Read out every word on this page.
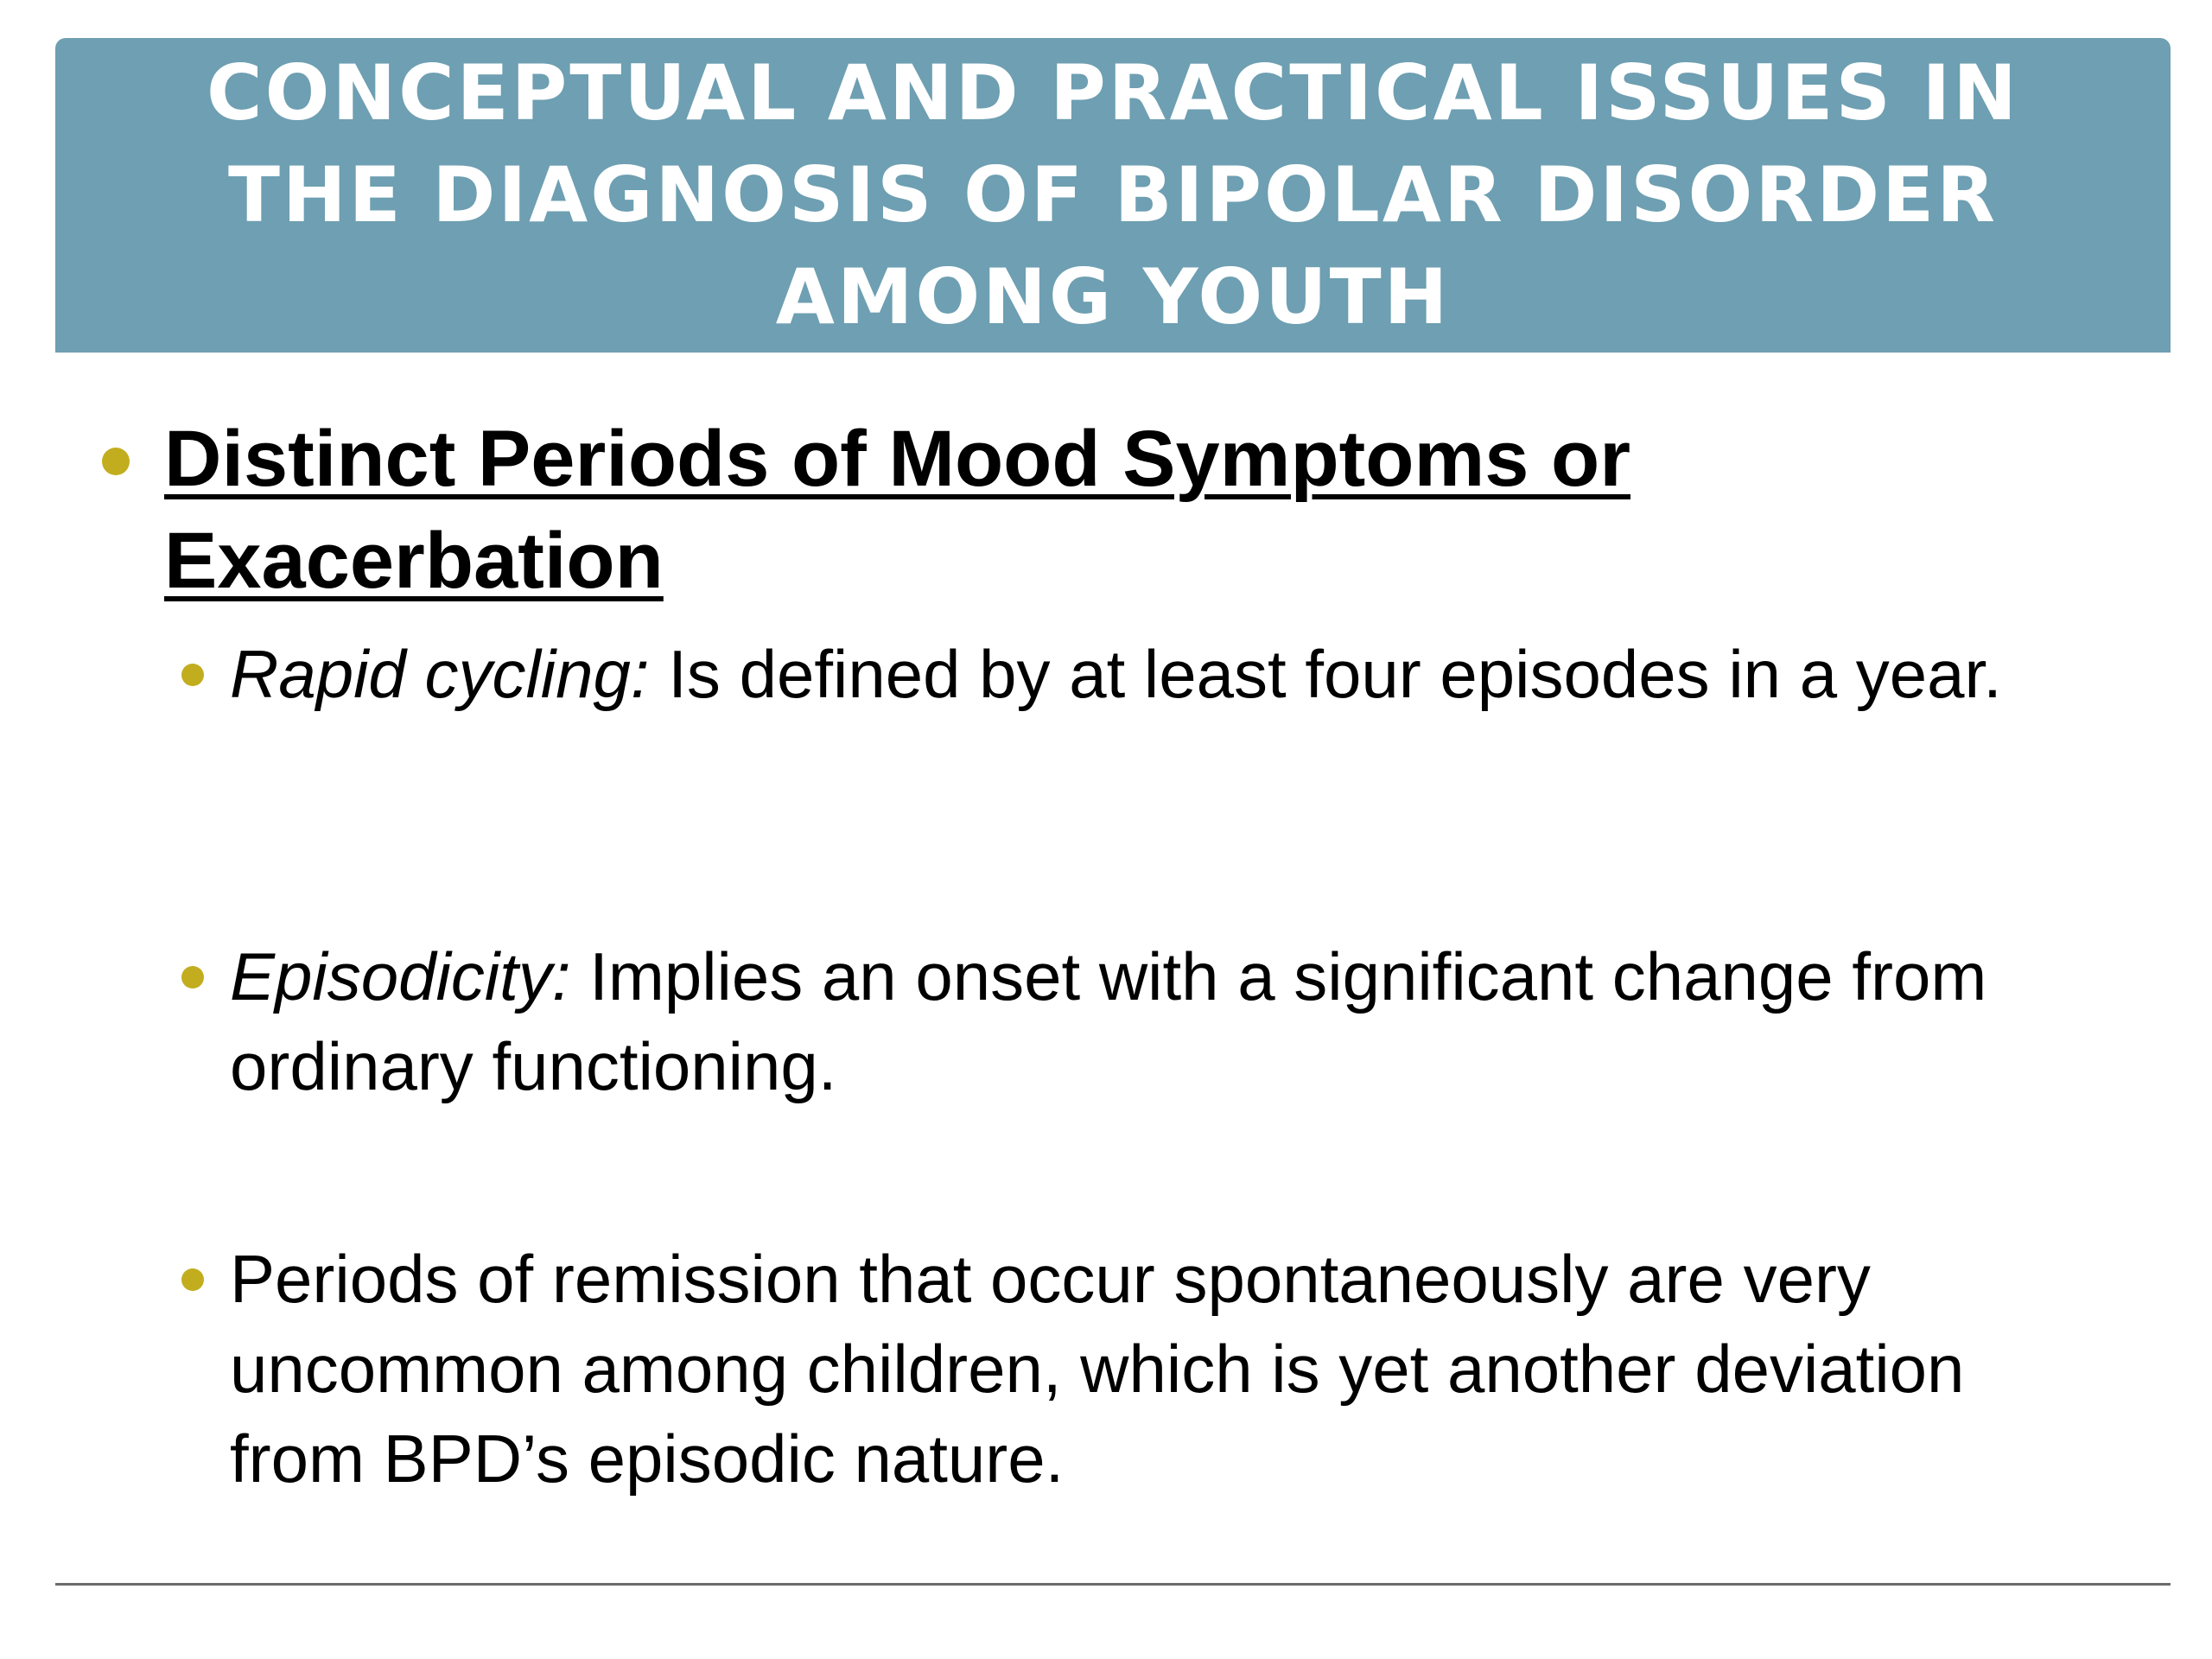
CONCEPTUAL AND PRACTICAL ISSUES IN
THE DIAGNOSIS OF BIPOLAR DISORDER
AMONG YOUTH
Distinct Periods of Mood Symptoms or Exacerbation
Rapid cycling: Is defined by at least four episodes in a year.
Episodicity: Implies an onset with a significant change from ordinary functioning.
Periods of remission that occur spontaneously are very uncommon among children, which is yet another deviation from BPD’s episodic nature.
